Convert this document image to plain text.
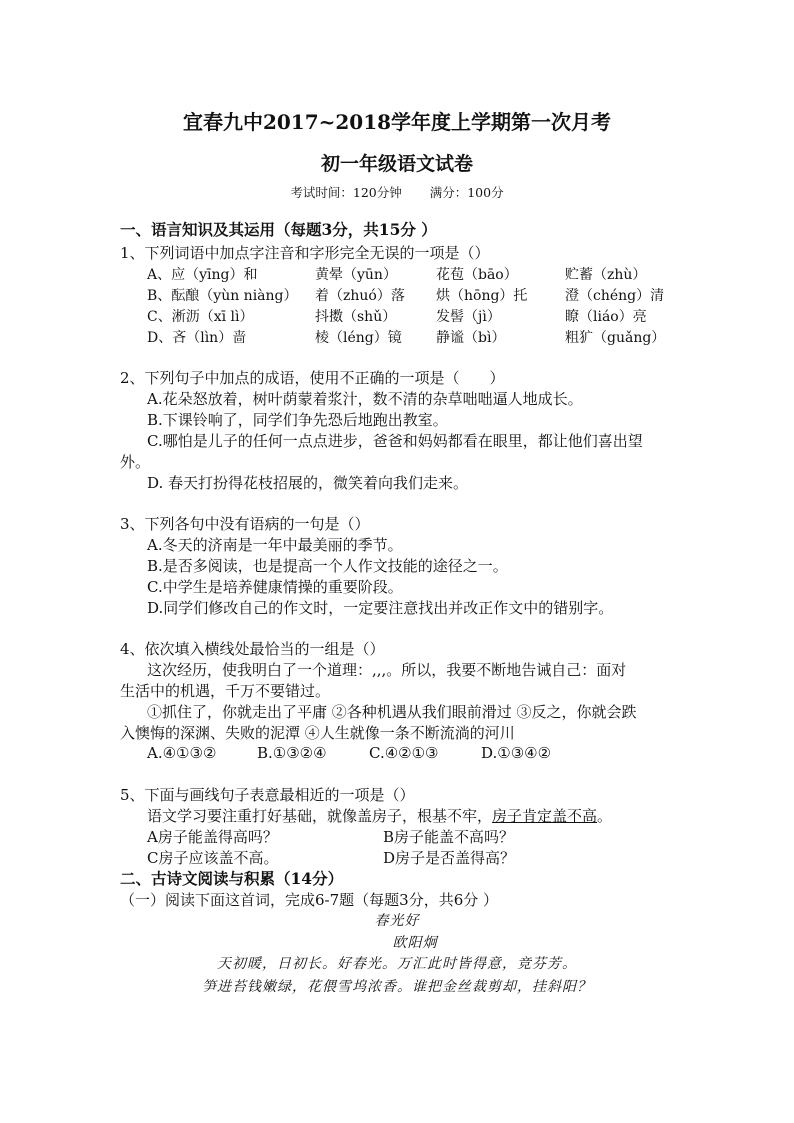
宜春九中2017~2018学年度上学期第一次月考
初一年级语文试卷
考试时间：120分钟 满分：100分
一、语言知识及其运用（每题3分，共15分 ）
1、下列词语中加点字注音和字形完全无误的一项是（）
A、应（yīng）和	黄晕（yūn）	花苞（bāo）	贮蓄（zhù）
B、酝酿（yùn niàng） 着（zhuó）落 烘（hōng）托	澄（chéng）清
C、淅沥（xī lì）	抖擞（shǔ）	发髻（jì）	瞭（liáo）亮
D、吝（lìn）啬	棱（léng）镜 静谧（bì）	粗犷（guǎng）
2、下列句子中加点的成语，使用不正确的一项是（　　）
A.花朵怒放着，树叶荫蒙着浆汁，数不清的杂草咄咄逼人地成长。
B.下课铃响了，同学们争先恐后地跑出教室。
C.哪怕是儿子的任何一点点进步，爸爸和妈妈都看在眼里，都让他们喜出望
外。
D. 春天打扮得花枝招展的，微笑着向我们走来。
3、下列各句中没有语病的一句是（）
A.冬天的济南是一年中最美丽的季节。
B.是否多阅读，也是提高一个人作文技能的途径之一。
C.中学生是培养健康情操的重要阶段。
D.同学们修改自己的作文时，一定要注意找出并改正作文中的错别字。
4、依次填入横线处最恰当的一组是（）
这次经历，使我明白了一个道理：,,,。所以，我要不断地告诫自己：面对
生活中的机遇，千万不要错过。
①抓住了，你就走出了平庸 ②各种机遇从我们眼前滑过 ③反之，你就会跌
入懊悔的深渊、失败的泥潭 ④人生就像一条不断流淌的河川
A.④①③②	B.①③②④	C.④②①③	D.①③④②
5、下面与画线句子表意最相近的一项是（）
语文学习要注重打好基础，就像盖房子，根基不牢，房子肯定盖不高。
A房子能盖得高吗？	B房子能盖不高吗？
C房子应该盖不高。	D房子是否盖得高？
二、古诗文阅读与积累（14分）
（一）阅读下面这首词，完成6-7题（每题3分，共6分 ）
春光好
欧阳炯
天初暖，日初长。好春光。万汇此时皆得意，竞芬芳。
笋进苔钱嫩绿，花偎雪坞浓香。谁把金丝裁剪却，挂斜阳？
